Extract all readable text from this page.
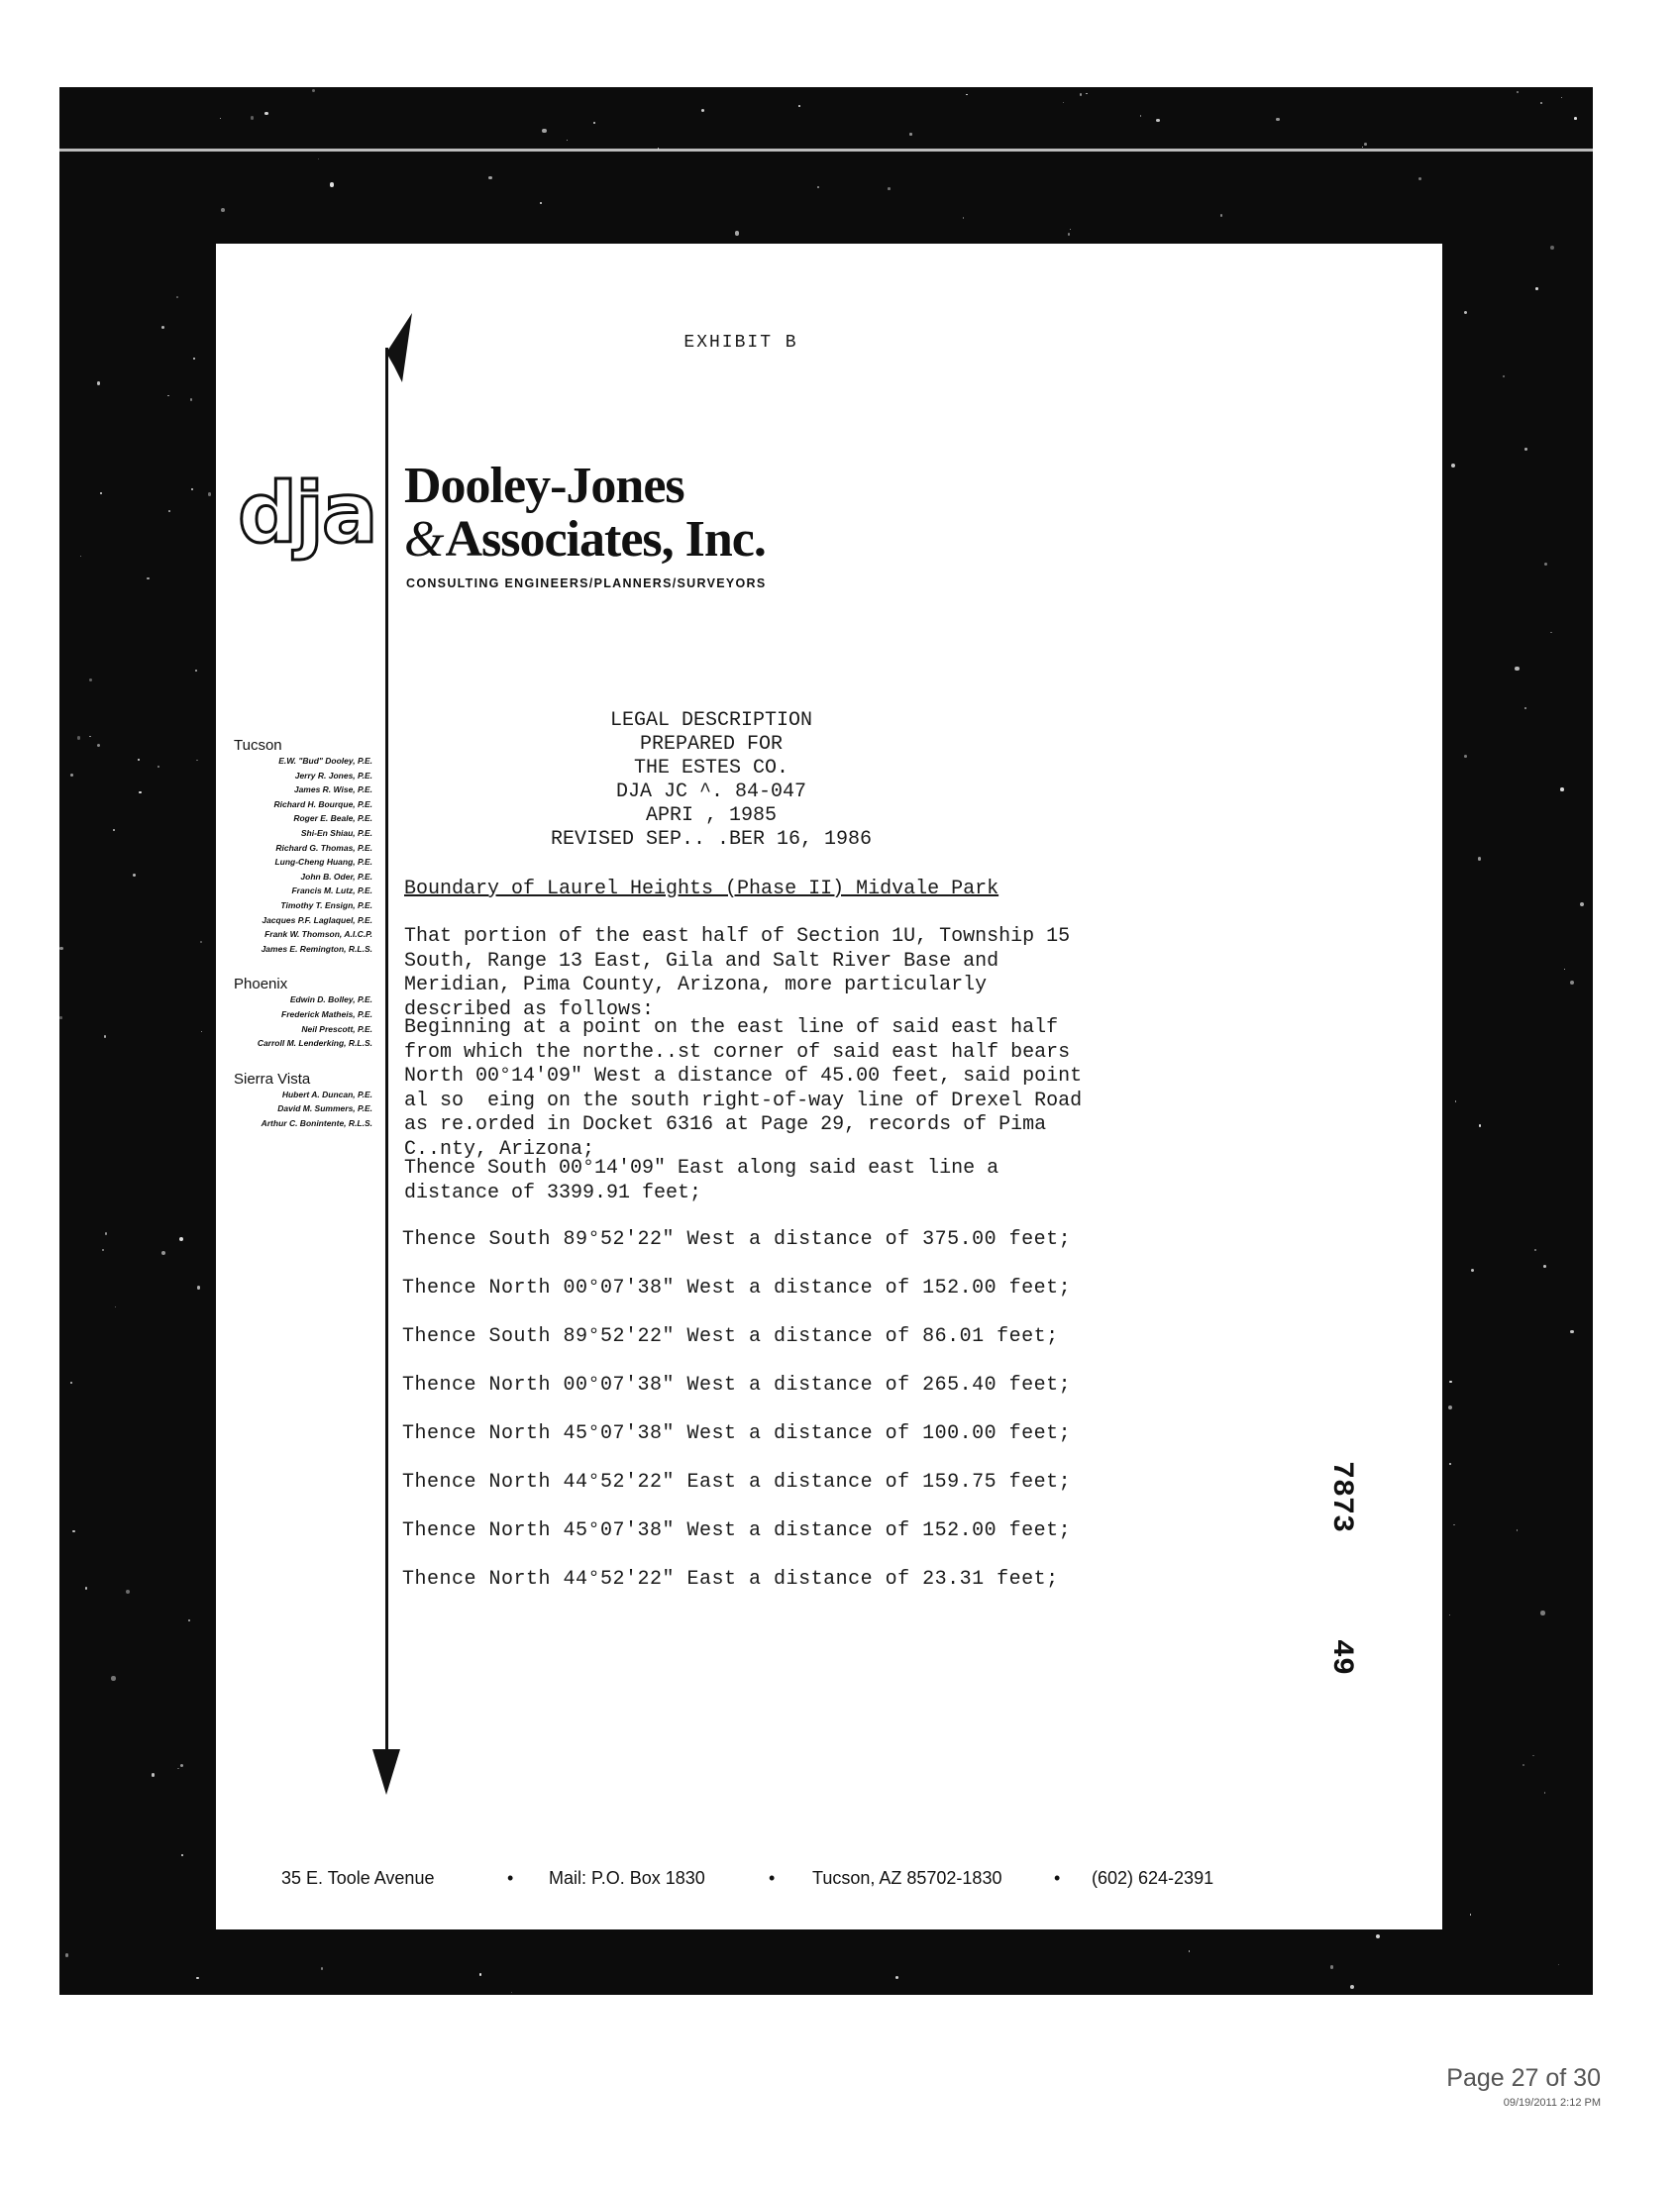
EXHIBIT B
dja Dooley-Jones
&Associates, Inc.
CONSULTING ENGINEERS/PLANNERS/SURVEYORS
Tucson
E.W. "Bud" Dooley, P.E.
Jerry R. Jones, P.E.
James R. Wise, P.E.
Richard H. Bourque, P.E.
Roger E. Beale, P.E.
Shi-En Shiau, P.E.
Richard G. Thomas, P.E.
Lung-Cheng Huang, P.E.
John B. Oder, P.E.
Francis M. Lutz, P.E.
Timothy T. Ensign, P.E.
Jacques P.F. Laglaquel, P.E.
Frank W. Thomson, A.I.C.P.
James E. Remington, R.L.S.
Phoenix
Edwin D. Bolley, P.E.
Frederick Matheis, P.E.
Neil Prescott, P.E.
Carroll M. Lenderking, R.L.S.
Sierra Vista
Hubert A. Duncan, P.E.
David M. Summers, P.E.
Arthur C. Bonintente, R.L.S.
LEGAL DESCRIPTION
PREPARED FOR
THE ESTES CO.
DJA JC ^. 84-047
APRI , 1985
REVISED SEP.. .BER 16, 1986
Boundary of Laurel Heights (Phase II) Midvale Park
That portion of the east half of Section 1U, Township 15
South, Range 13 East, Gila and Salt River Base and
Meridian, Pima County, Arizona, more particularly
described as follows:
Beginning at a point on the east line of said east half
from which the northe..st corner of said east half bears
North 00°14'09" West a distance of 45.00 feet, said point
al so  eing on the south right-of-way line of Drexel Road
as re.orded in Docket 6316 at Page 29, records of Pima
C..nty, Arizona;
Thence South 00°14'09" East along said east line a
distance of 3399.91 feet;
Thence South 89°52'22" West a distance of 375.00 feet;
Thence North 00°07'38" West a distance of 152.00 feet;
Thence South 89°52'22" West a distance of 86.01 feet;
Thence North 00°07'38" West a distance of 265.40 feet;
Thence North 45°07'38" West a distance of 100.00 feet;
Thence North 44°52'22" East a distance of 159.75 feet;
Thence North 45°07'38" West a distance of 152.00 feet;
Thence North 44°52'22" East a distance of 23.31 feet;
7873
49
35 E. Toole Avenue	• Mail: P.O. Box 1830	• Tucson, AZ 85702-1830	• (602) 624-2391
Page 27 of 30
09/19/2011 2:12 PM
